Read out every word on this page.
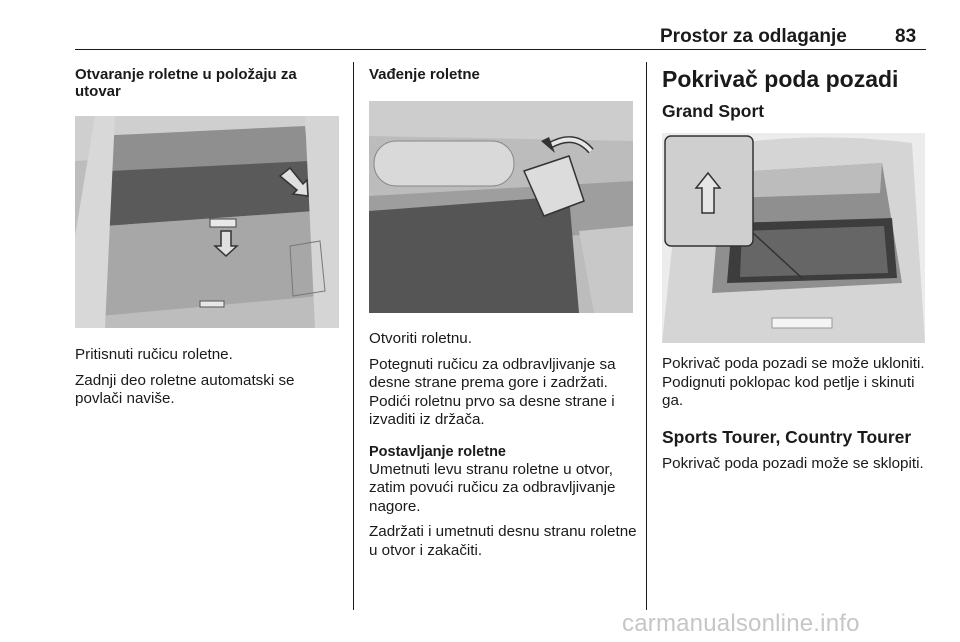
Prostor za odlaganje	83
Otvaranje roletne u položaju za utovar

Pritisnuti ručicu roletne.

Zadnji deo roletne automatski se povlači naviše.

Vađenje roletne

Otvoriti roletnu.

Potegnuti ručicu za odbravljivanje sa desne strane prema gore i zadržati. Podići roletnu prvo sa desne strane i izvaditi iz držača.

Postavljanje roletne

Umetnuti levu stranu roletne u otvor, zatim povući ručicu za odbravljivanje nagore.

Zadržati i umetnuti desnu stranu roletne u otvor i zakačiti.

Pokrivač poda pozadi
Grand Sport

Pokrivač poda pozadi se može ukloniti. Podignuti poklopac kod petlje i skinuti ga.

Sports Tourer, Country Tourer

Pokrivač poda pozadi može se sklopiti.

carmanualsonline.info
